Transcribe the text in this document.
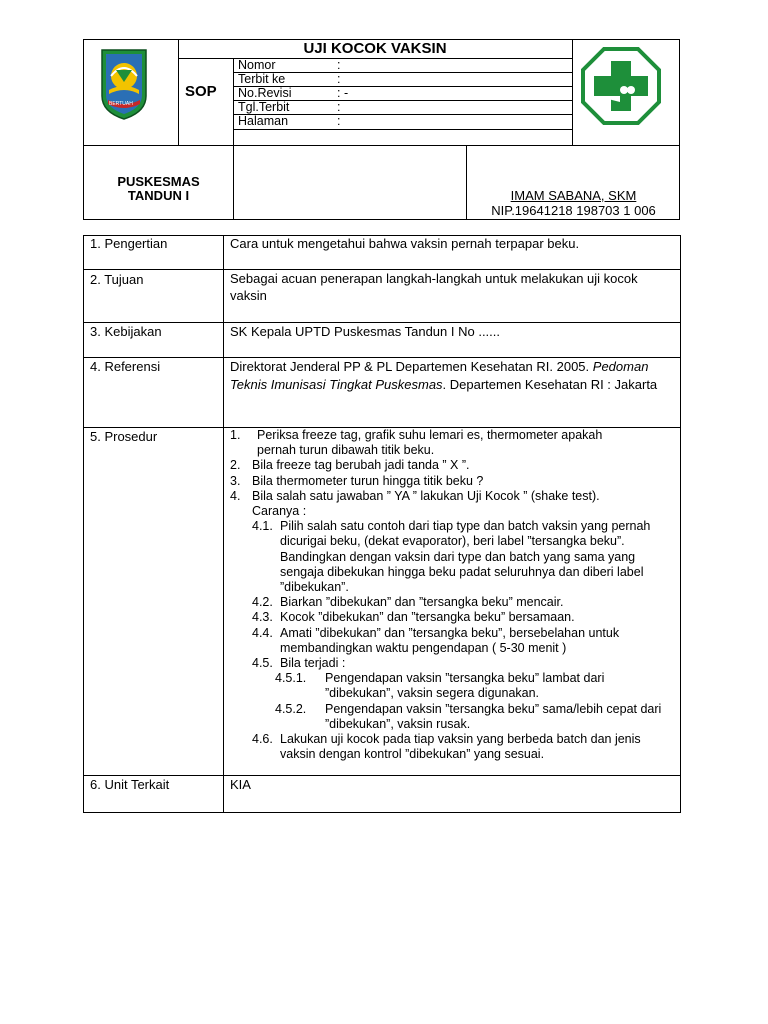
BERTUAH
SOP
UJI KOCOK VAKSIN
Nomor	:
Terbit ke	:
No.Revisi	: -
Tgl.Terbit	:
Halaman	:
PUSKESMAS
TANDUN I	IMAM SABANA, SKM
NIP.19641218 198703 1 006
1. Pengertian	Cara untuk mengetahui bahwa vaksin pernah terpapar beku.
2. Tujuan	Sebagai acuan penerapan langkah-langkah untuk melakukan uji kocok vaksin
3. Kebijakan	SK Kepala UPTD Puskesmas Tandun I No ......
4. Referensi	Direktorat Jenderal PP & PL Departemen Kesehatan RI. 2005. Pedoman Teknis Imunisasi Tingkat Puskesmas. Departemen Kesehatan RI : Jakarta
5. Prosedur	1.	Periksa freeze tag, grafik suhu lemari es, thermometer apakah pernah turun dibawah titik beku.
2. Bila freeze tag berubah jadi tanda ” X ”.
3. Bila thermometer turun hingga titik beku ?
4. Bila salah satu jawaban ” YA ” lakukan Uji Kocok ” (shake test). Caranya :
4.1. Pilih salah satu contoh dari tiap type dan batch vaksin yang pernah dicurigai beku, (dekat evaporator), beri label ”tersangka beku”. Bandingkan dengan vaksin dari type dan batch yang sama yang sengaja dibekukan hingga beku padat seluruhnya dan diberi label ”dibekukan”.
4.2. Biarkan ”dibekukan” dan ”tersangka beku” mencair.
4.3. Kocok ”dibekukan” dan ”tersangka beku” bersamaan.
4.4. Amati ”dibekukan” dan ”tersangka beku”, bersebelahan untuk membandingkan waktu pengendapan ( 5-30 menit )
4.5. Bila terjadi :
4.5.1.	Pengendapan vaksin ”tersangka beku” lambat dari ”dibekukan”, vaksin segera digunakan.
4.5.2.	Pengendapan vaksin ”tersangka beku” sama/lebih cepat dari ”dibekukan”, vaksin rusak.
4.6. Lakukan uji kocok pada tiap vaksin yang berbeda batch dan jenis vaksin dengan kontrol ”dibekukan” yang sesuai.
6. Unit Terkait	KIA
